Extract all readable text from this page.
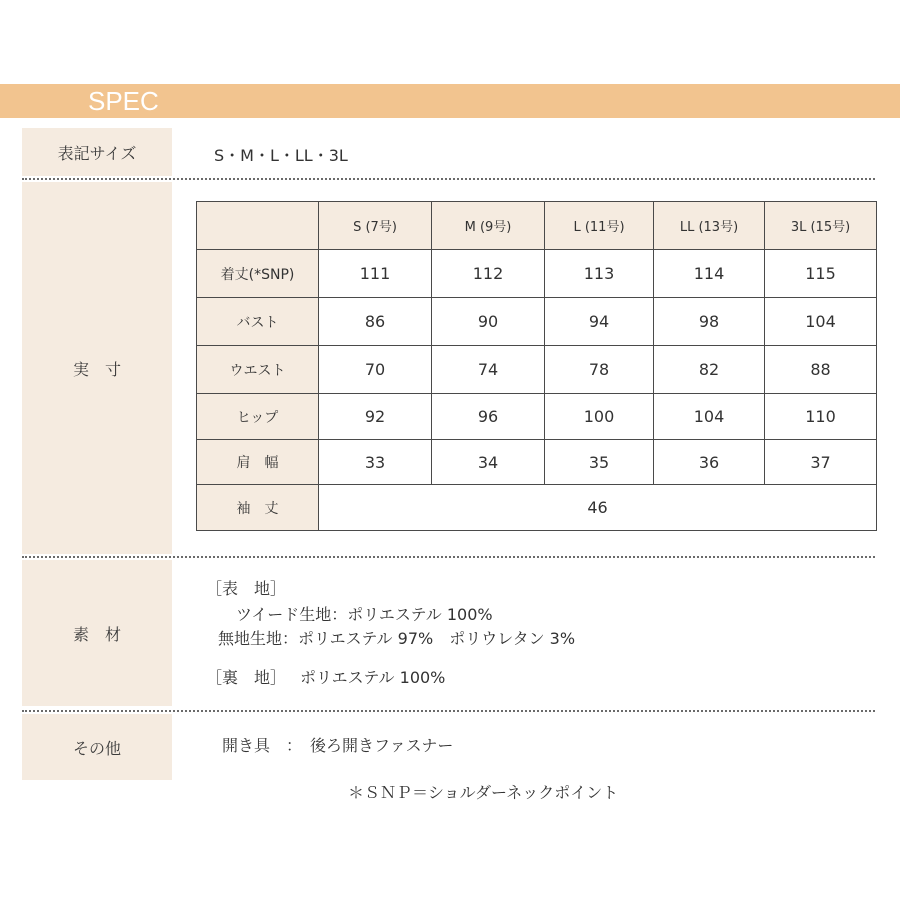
SPEC
表記サイズ	S・M・L・LL・3L
実　寸
	S (7号)	M (9号)	L (11号)	LL (13号)	3L (15号)
着丈(*SNP)	111	112	113	114	115
バスト	86	90	94	98	104
ウエスト	70	74	78	82	88
ヒップ	92	96	100	104	110
肩　幅	33	34	35	36	37
袖　丈	46				
素　材
［表　地］
ツイード生地：ポリエステル 100%
無地生地：ポリエステル 97%　ポリウレタン 3%
［裏　地］ ポリエステル 100%
その他	開き具　：　後ろ開きファスナー
＊ＳＮＰ＝ショルダーネックポイント
